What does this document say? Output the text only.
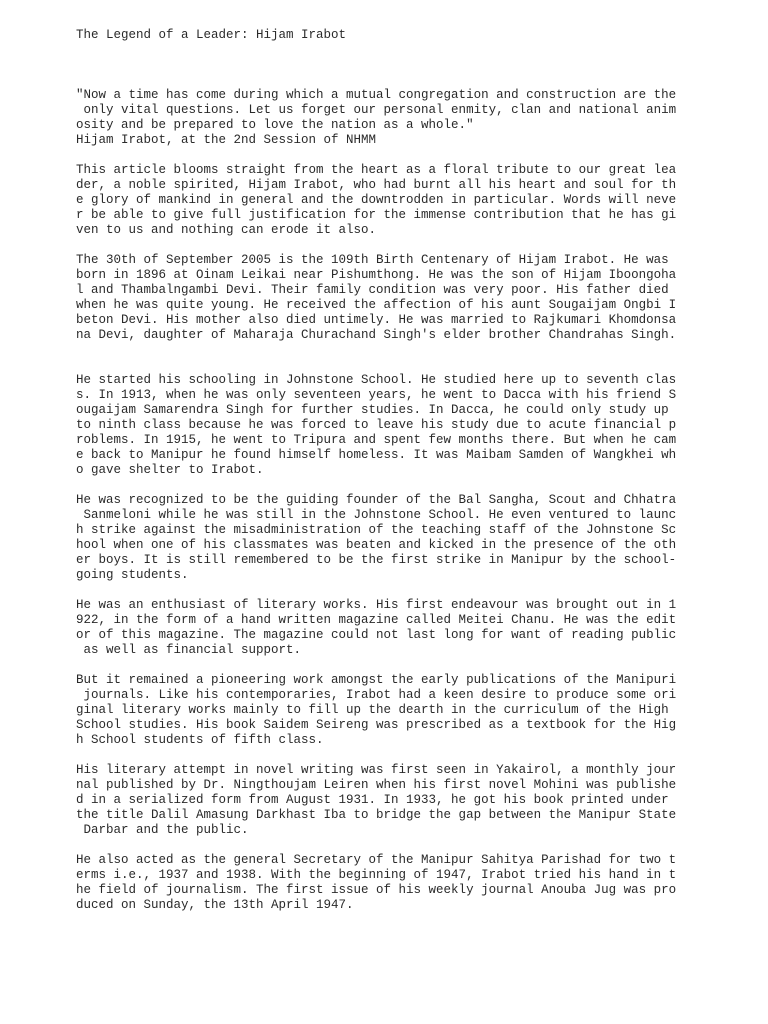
The Legend of a Leader: Hijam Irabot
"Now a time has come during which a mutual congregation and construction are the
only vital questions. Let us forget our personal enmity, clan and national anim
osity and be prepared to love the nation as a whole."
Hijam Irabot, at the 2nd Session of NHMM
This article blooms straight from the heart as a floral tribute to our great lea
der, a noble spirited, Hijam Irabot, who had burnt all his heart and soul for th
e glory of mankind in general and the downtrodden in particular. Words will neve
r be able to give full justification for the immense contribution that he has gi
ven to us and nothing can erode it also.
The 30th of September 2005 is the 109th Birth Centenary of Hijam Irabot. He was
born in 1896 at Oinam Leikai near Pishumthong. He was the son of Hijam Iboongoha
l and Thambalngambi Devi. Their family condition was very poor. His father died
when he was quite young. He received the affection of his aunt Sougaijam Ongbi I
beton Devi. His mother also died untimely. He was married to Rajkumari Khomdonsa
na Devi, daughter of Maharaja Churachand Singh's elder brother Chandrahas Singh.
He started his schooling in Johnstone School. He studied here up to seventh clas
s. In 1913, when he was only seventeen years, he went to Dacca with his friend S
ougaijam Samarendra Singh for further studies. In Dacca, he could only study up
to ninth class because he was forced to leave his study due to acute financial p
roblems. In 1915, he went to Tripura and spent few months there. But when he cam
e back to Manipur he found himself homeless. It was Maibam Samden of Wangkhei wh
o gave shelter to Irabot.
He was recognized to be the guiding founder of the Bal Sangha, Scout and Chhatra
Sanmeloni while he was still in the Johnstone School. He even ventured to launc
h strike against the misadministration of the teaching staff of the Johnstone Sc
hool when one of his classmates was beaten and kicked in the presence of the oth
er boys. It is still remembered to be the first strike in Manipur by the school-
going students.
He was an enthusiast of literary works. His first endeavour was brought out in 1
922, in the form of a hand written magazine called Meitei Chanu. He was the edit
or of this magazine. The magazine could not last long for want of reading public
as well as financial support.
But it remained a pioneering work amongst the early publications of the Manipuri
journals. Like his contemporaries, Irabot had a keen desire to produce some ori
ginal literary works mainly to fill up the dearth in the curriculum of the High
School studies. His book Saidem Seireng was prescribed as a textbook for the Hig
h School students of fifth class.
His literary attempt in novel writing was first seen in Yakairol, a monthly jour
nal published by Dr. Ningthoujam Leiren when his first novel Mohini was publishe
d in a serialized form from August 1931. In 1933, he got his book printed under
the title Dalil Amasung Darkhast Iba to bridge the gap between the Manipur State
Darbar and the public.
He also acted as the general Secretary of the Manipur Sahitya Parishad for two t
erms i.e., 1937 and 1938. With the beginning of 1947, Irabot tried his hand in t
he field of journalism. The first issue of his weekly journal Anouba Jug was pro
duced on Sunday, the 13th April 1947.
